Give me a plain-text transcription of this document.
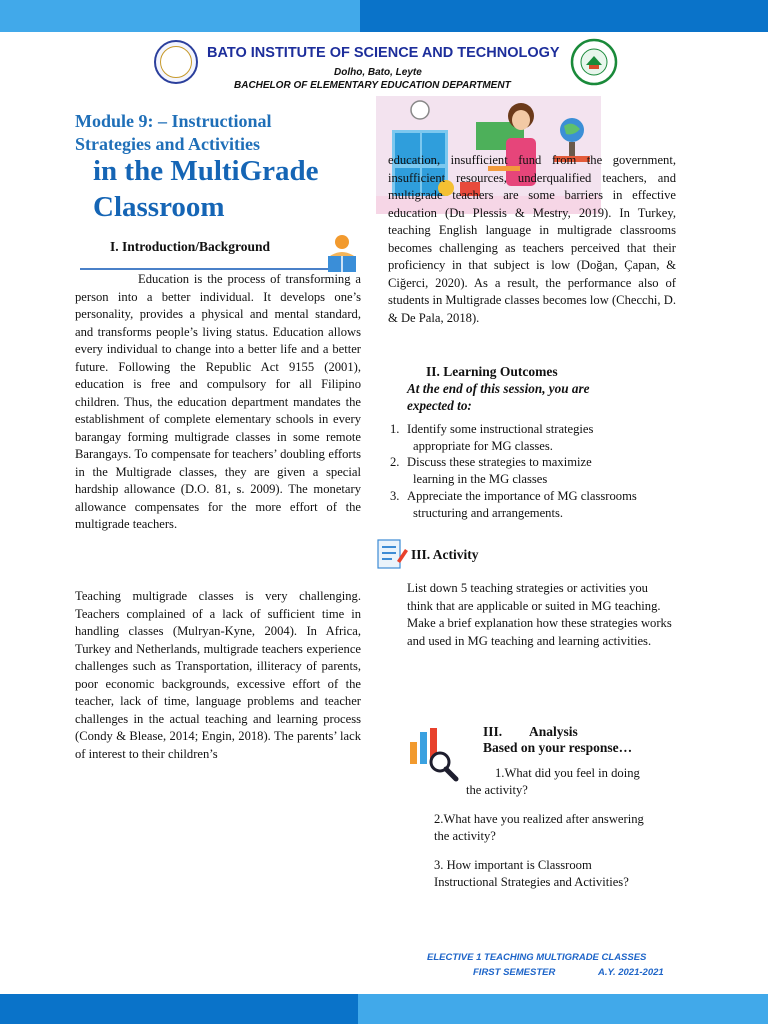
BATO INSTITUTE OF SCIENCE AND TECHNOLOGY
Dolho, Bato, Leyte
BACHELOR OF ELEMENTARY EDUCATION DEPARTMENT
Module 9: – Instructional
Strategies and Activities
in the MultiGrade
Classroom
I. Introduction/Background

Education is the process of transforming a person into a better individual. It develops one’s personality, provides a physical and mental standard, and transforms people’s living status. Education allows every individual to change into a better life and a better future. Following the Republic Act 9155 (2001), education is free and compulsory for all Filipino children. Thus, the education department mandates the establishment of complete elementary schools in every barangay forming multigrade classes in some remote Barangays. To compensate for teachers’ doubling efforts in the Multigrade classes, they are given a special hardship allowance (D.O. 81, s. 2009). The monetary allowance compensates for the more effort of the multigrade teachers.

Teaching multigrade classes is very challenging. Teachers complained of a lack of sufficient time in handling classes (Mulryan-Kyne, 2004). In Africa, Turkey and Netherlands, multigrade teachers experience challenges such as Transportation, illiteracy of parents, poor economic backgrounds, excessive effort of the teacher, lack of time, language problems and teacher challenges in the actual teaching and learning process (Condy & Blease, 2014; Engin, 2018). The parents’ lack of interest to their children’s

education, insufficient fund from the government, insufficient resources, underqualified teachers, and multigrade teachers are some barriers in effective education (Du Plessis & Mestry, 2019). In Turkey, teaching English language in multigrade classrooms becomes challenging as teachers perceived that their proficiency in that subject is low (Doğan, Çapan, & Ciğerci, 2020). As a result, the performance also of students in Multigrade classes becomes low (Checchi, D. & De Pala, 2018).

II. Learning Outcomes
At the end of this session, you are
expected to:
1. Identify some instructional strategies
appropriate for MG classes.
2. Discuss these strategies to maximize
learning in the MG classes
3. Appreciate the importance of MG classrooms
structuring and arrangements.
III. Activity

List down 5 teaching strategies or activities you think that are applicable or suited in MG teaching. Make a brief explanation how these strategies works and used in MG teaching and learning activities.

III. Analysis
Based on your response…
1.What did you feel in doing
the activity?
2.What have you realized after answering
the activity?
3. How important is Classroom
Instructional Strategies and Activities?
ELECTIVE 1 TEACHING MULTIGRADE CLASSES
FIRST SEMESTER	A.Y. 2021-2021
